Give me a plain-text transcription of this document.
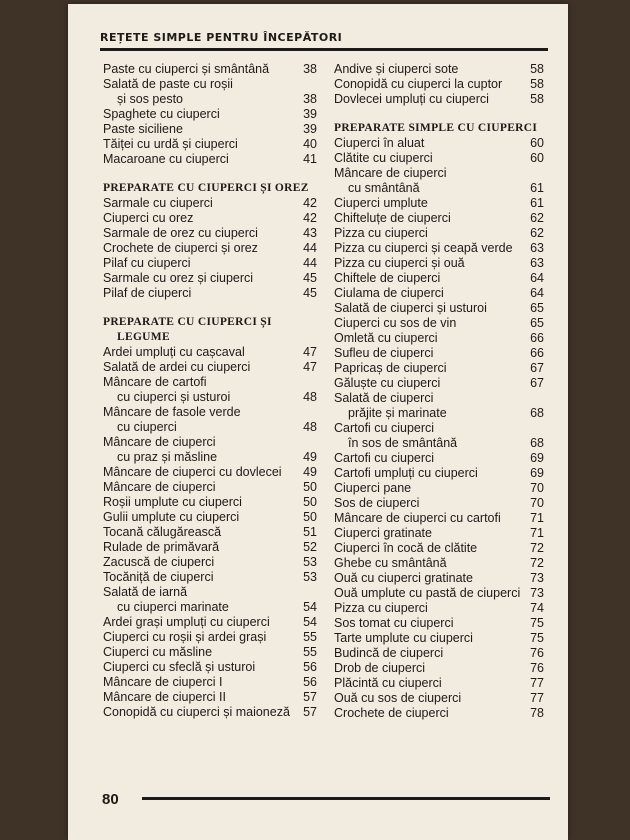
REȚETE SIMPLE PENTRU ÎNCEPĂTORI
Paste cu ciuperci și smântână	38
Salată de paste cu roșii
și sos pesto	38
Spaghete cu ciuperci	39
Paste siciliene	39
Tăiței cu urdă și ciuperci	40
Macaroane cu ciuperci	41
PREPARATE CU CIUPERCI ȘI OREZ
Sarmale cu ciuperci	42
Ciuperci cu orez	42
Sarmale de orez cu ciuperci	43
Crochete de ciuperci și orez	44
Pilaf cu ciuperci	44
Sarmale cu orez și ciuperci	45
Pilaf de ciuperci	45
PREPARATE CU CIUPERCI ȘI
LEGUME
Ardei umpluți cu cașcaval	47
Salată de ardei cu ciuperci	47
Mâncare de cartofi
cu ciuperci și usturoi	48
Mâncare de fasole verde
cu ciuperci	48
Mâncare de ciuperci
cu praz și măsline	49
Mâncare de ciuperci cu dovlecei 49
Mâncare de ciuperci	50
Roșii umplute cu ciuperci	50
Gulii umplute cu ciuperci	50
Tocană călugărească	51
Rulade de primăvară	52
Zacuscă de ciuperci	53
Tocăniță de ciuperci	53
Salată de iarnă
cu ciuperci marinate	54
Ardei grași umpluți cu ciuperci	54
Ciuperci cu roșii și ardei grași	55
Ciuperci cu măsline	55
Ciuperci cu sfeclă și usturoi	56
Mâncare de ciuperci I	56
Mâncare de ciuperci II	57
Conopidă cu ciuperci și maioneză 57
Andive și ciuperci sote	58
Conopidă cu ciuperci la cuptor 58
Dovlecei umpluți cu ciuperci	58
PREPARATE SIMPLE CU CIUPERCI
Ciuperci în aluat	60
Clătite cu ciuperci	60
Mâncare de ciuperci
cu smântână	61
Ciuperci umplute	61
Chifteluțe de ciuperci	62
Pizza cu ciuperci	62
Pizza cu ciuperci și ceapă verde 63
Pizza cu ciuperci și ouă	63
Chiftele de ciuperci	64
Ciulama de ciuperci	64
Salată de ciuperci și usturoi	65
Ciuperci cu sos de vin	65
Omletă cu ciuperci	66
Sufleu de ciuperci	66
Papricaș de ciuperci	67
Găluște cu ciuperci	67
Salată de ciuperci
prăjite și marinate	68
Cartofi cu ciuperci
în sos de smântână	68
Cartofi cu ciuperci	69
Cartofi umpluți cu ciuperci	69
Ciuperci pane	70
Sos de ciuperci	70
Mâncare de ciuperci cu cartofi 71
Ciuperci gratinate	71
Ciuperci în cocă de clătite	72
Ghebe cu smântână	72
Ouă cu ciuperci gratinate	73
Ouă umplute cu pastă de ciuperci 73
Pizza cu ciuperci	74
Sos tomat cu ciuperci	75
Tarte umplute cu ciuperci	75
Budincă de ciuperci	76
Drob de ciuperci	76
Plăcintă cu ciuperci	77
Ouă cu sos de ciuperci	77
Crochete de ciuperci	78
80
